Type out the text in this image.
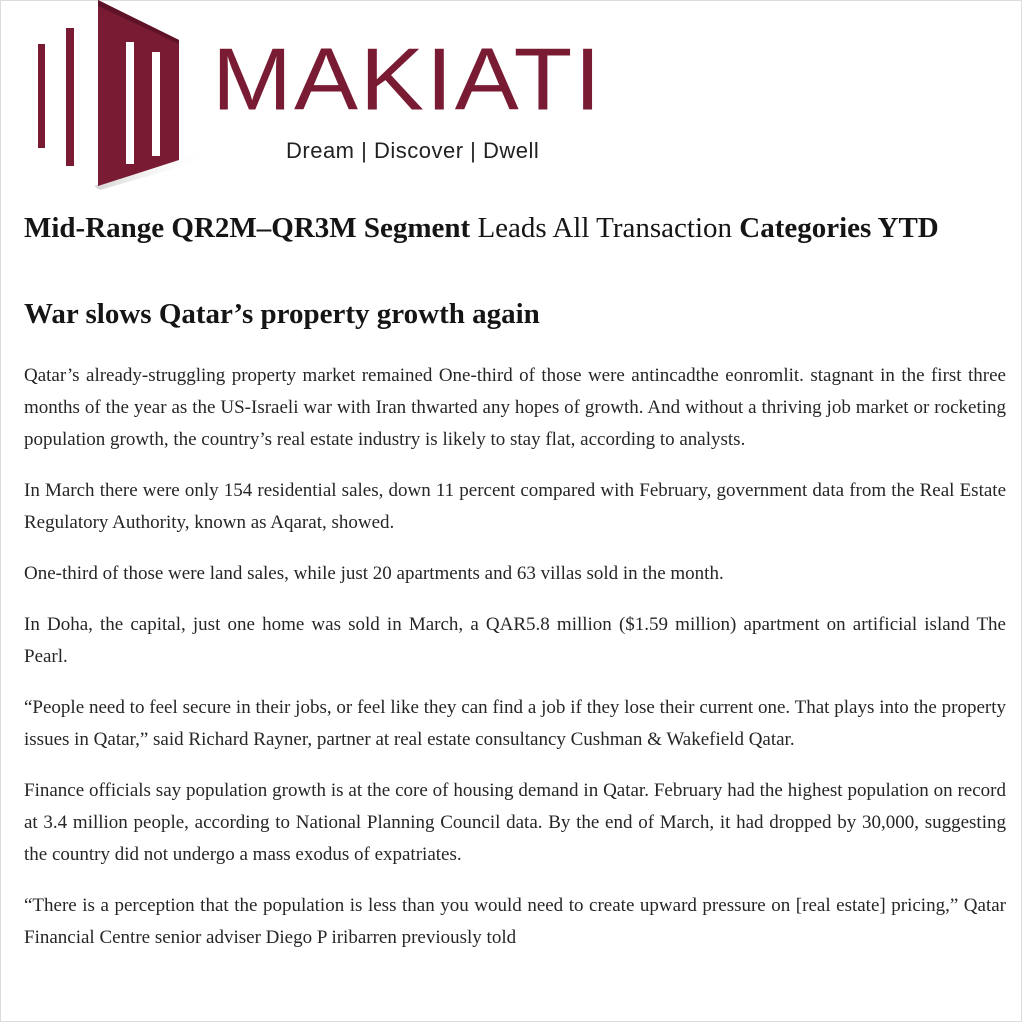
MAKIATI
Dream | Discover | Dwell
Mid-Range QR2M–QR3M Segment Leads All Transaction Categories YTD
War slows Qatar’s property growth again

Qatar’s already-struggling property market remained One-third of those were antincadthe eonromlit. stagnant in the first three months of the year as the US-Israeli war with Iran thwarted any hopes of growth. And without a thriving job market or rocketing population growth, the country’s real estate industry is likely to stay flat, according to analysts.

In March there were only 154 residential sales, down 11 percent compared with February, government data from the Real Estate Regulatory Authority, known as Aqarat, showed.

One-third of those were land sales, while just 20 apartments and 63 villas sold in the month.

In Doha, the capital, just one home was sold in March, a QAR5.8 million ($1.59 million) apartment on artificial island The Pearl.

“People need to feel secure in their jobs, or feel like they can find a job if they lose their current one. That plays into the property issues in Qatar,” said Richard Rayner, partner at real estate consultancy Cushman & Wakefield Qatar.

Finance officials say population growth is at the core of housing demand in Qatar. February had the highest population on record at 3.4 million people, according to National Planning Council data. By the end of March, it had dropped by 30,000, suggesting the country did not undergo a mass exodus of expatriates.

“There is a perception that the population is less than you would need to create upward pressure on [real estate] pricing,” Qatar Financial Centre senior adviser Diego P iribarren previously told
